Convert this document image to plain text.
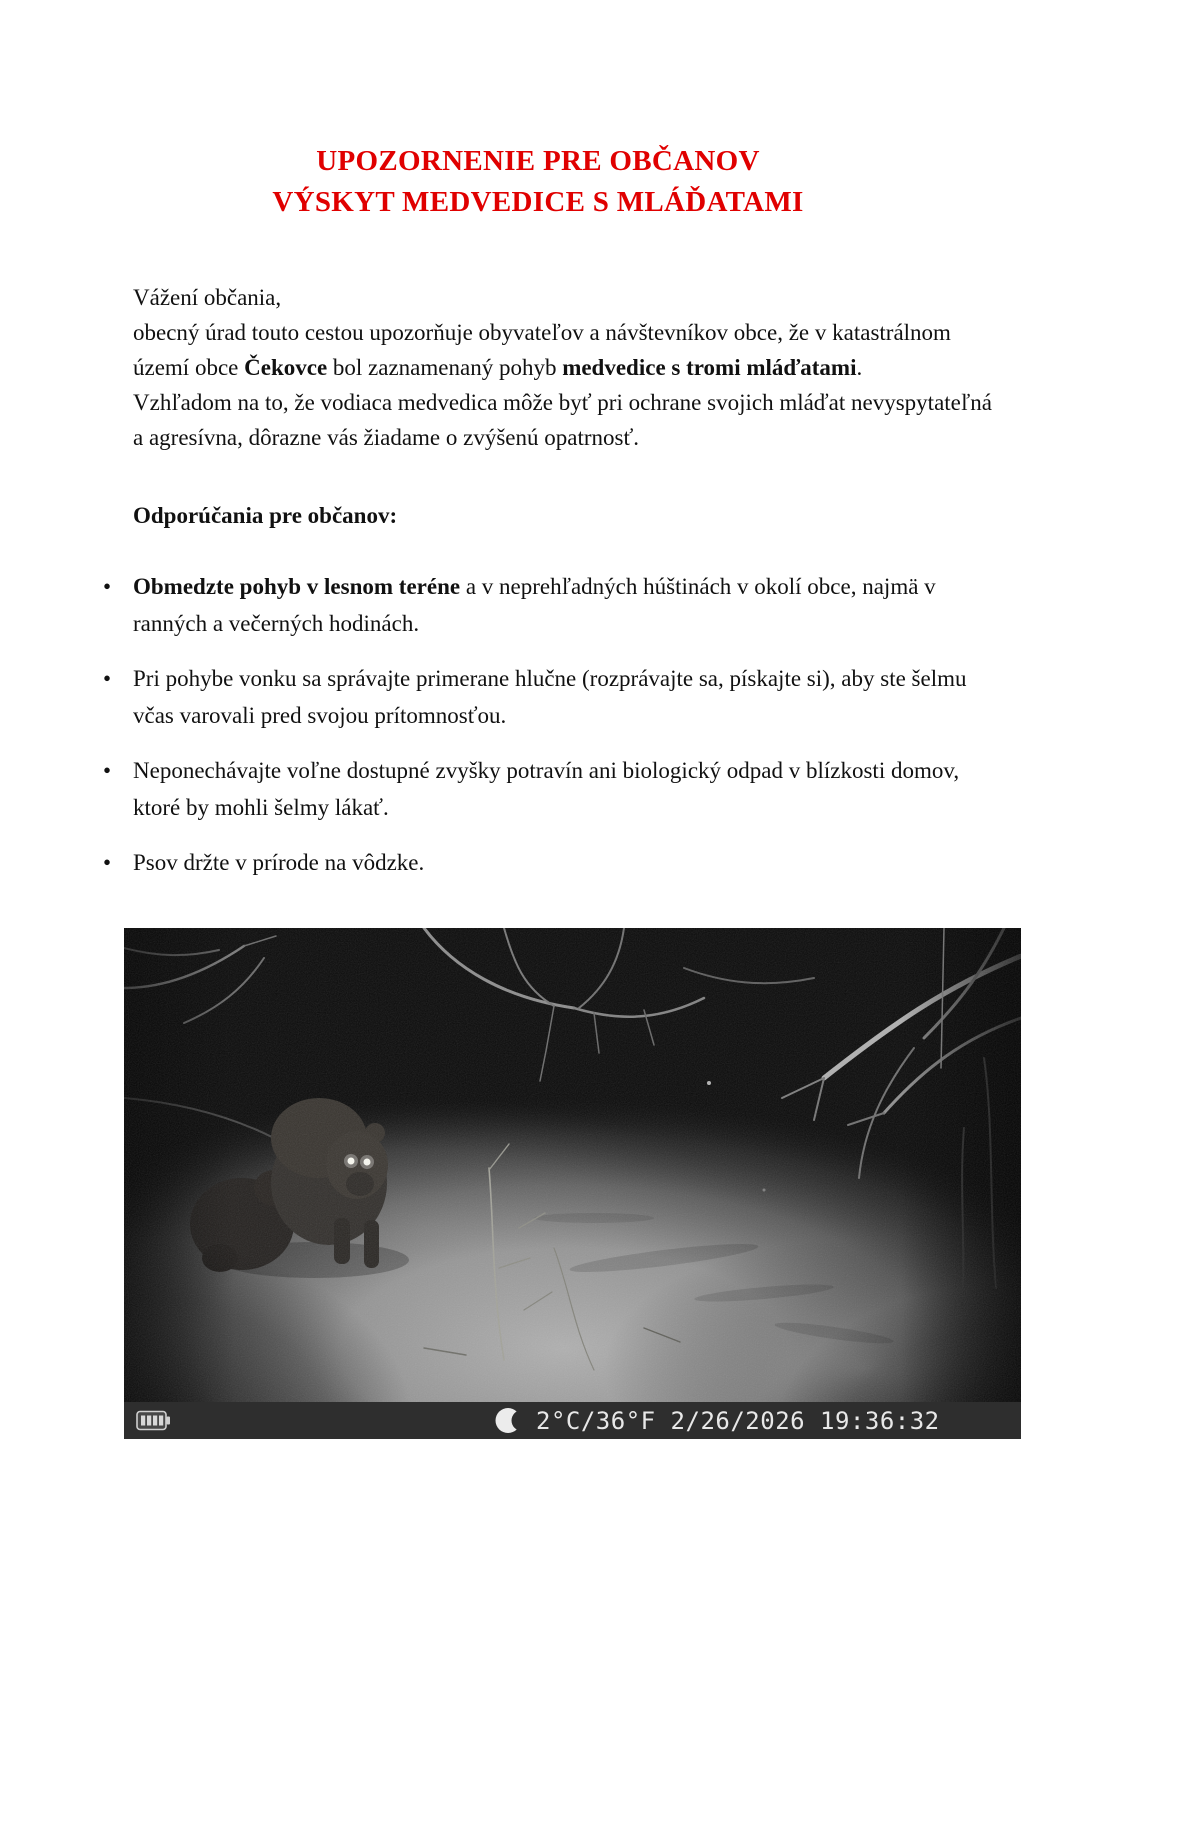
UPOZORNENIE PRE OBČANOV
VÝSKYT MEDVEDICE S MLÁĎATAMI

Vážení občania,
obecný úrad touto cestou upozorňuje obyvateľov a návštevníkov obce, že v katastrálnom
území obce Čekovce bol zaznamenaný pohyb medvedice s tromi mláďatami.
Vzhľadom na to, že vodiaca medvedica môže byť pri ochrane svojich mláďat nevyspytateľná
a agresívna, dôrazne vás žiadame o zvýšenú opatrnosť.

Odporúčania pre občanov:

• Obmedzte pohyb v lesnom teréne a v neprehľadných húštinách v okolí obce, najmä v
ranných a večerných hodinách.
• Pri pohybe vonku sa správajte primerane hlučne (rozprávajte sa, pískajte si), aby ste šelmu
včas varovali pred svojou prítomnosťou.
• Neponechávajte voľne dostupné zvyšky potravín ani biologický odpad v blízkosti domov,
ktoré by mohli šelmy lákať.
• Psov držte v prírode na vôdzke.
2°C/36°F 2/26/2026 19:36:32
